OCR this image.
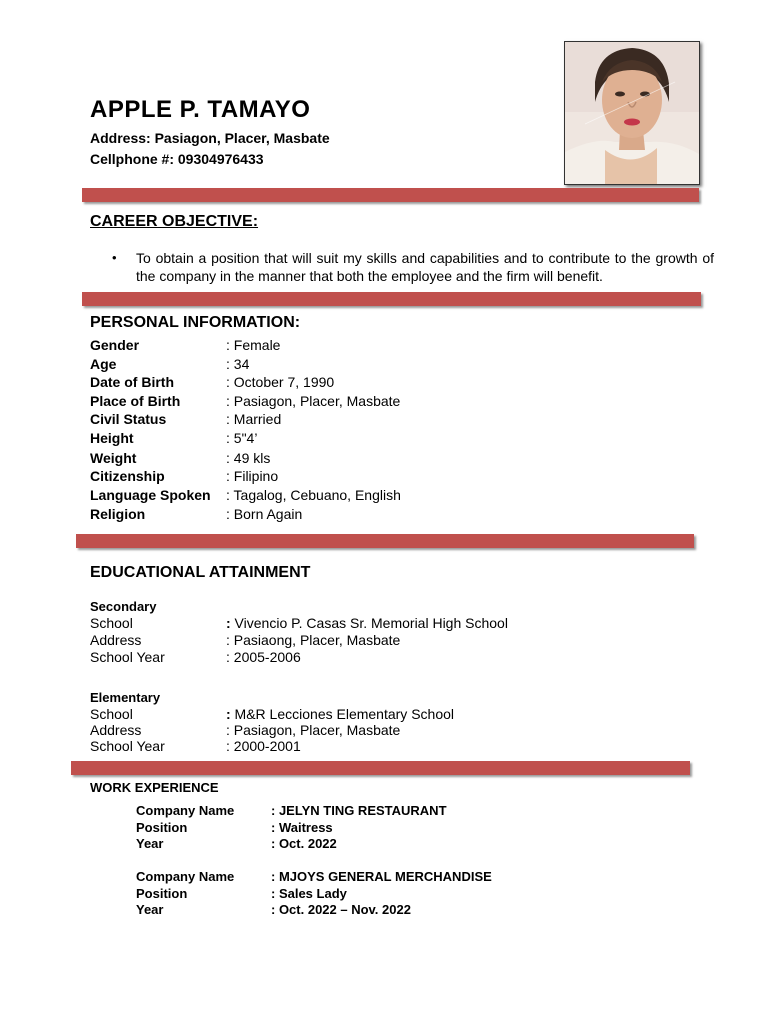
APPLE P. TAMAYO
Address: Pasiagon, Placer, Masbate
Cellphone #: 09304976433
CAREER OBJECTIVE:
• To obtain a position that will suit my skills and capabilities and to contribute to the growth of the company in the manner that both the employee and the firm will benefit.
PERSONAL INFORMATION:
Gender	: Female
Age	: 34
Date of Birth	: October 7, 1990
Place of Birth	: Pasiagon, Placer, Masbate
Civil Status	: Married
Height	: 5"4’
Weight	: 49 kls
Citizenship	: Filipino
Language Spoken : Tagalog, Cebuano, English
Religion	: Born Again
EDUCATIONAL ATTAINMENT
Secondary
School	: Vivencio P. Casas Sr. Memorial High School
Address	: Pasiaong, Placer, Masbate
School Year	: 2005-2006
Elementary
School	: M&R Lecciones Elementary School
Address	: Pasiagon, Placer, Masbate
School Year	: 2000-2001
WORK EXPERIENCE
Company Name	: JELYN TING RESTAURANT
Position	: Waitress
Year	: Oct. 2022
Company Name	: MJOYS GENERAL MERCHANDISE
Position	: Sales Lady
Year	: Oct. 2022 – Nov. 2022
